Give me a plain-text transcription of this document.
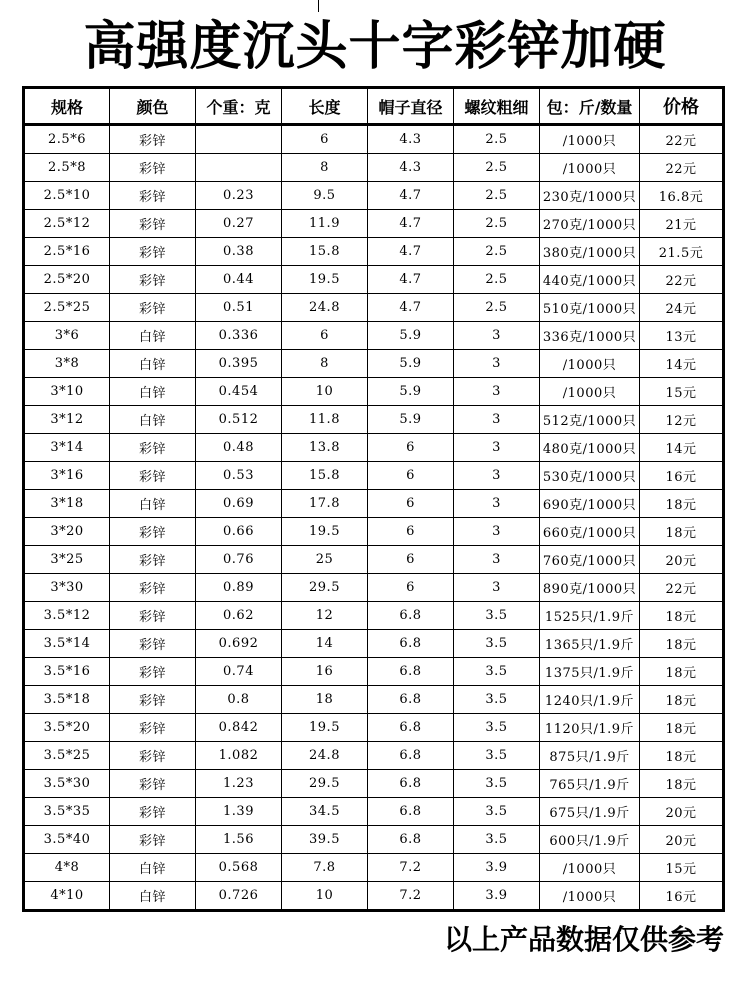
高强度沉头十字彩锌加硬
规格	颜色	个重：克	长度	帽子直径	螺纹粗细	包：斤/数量	价格
2.5*6	彩锌		6	4.3	2.5	/1000只	22元
2.5*8	彩锌		8	4.3	2.5	/1000只	22元
2.5*10	彩锌	0.23	9.5	4.7	2.5	230克/1000只	16.8元
2.5*12	彩锌	0.27	11.9	4.7	2.5	270克/1000只	21元
2.5*16	彩锌	0.38	15.8	4.7	2.5	380克/1000只	21.5元
2.5*20	彩锌	0.44	19.5	4.7	2.5	440克/1000只	22元
2.5*25	彩锌	0.51	24.8	4.7	2.5	510克/1000只	24元
3*6	白锌	0.336	6	5.9	3	336克/1000只	13元
3*8	白锌	0.395	8	5.9	3	/1000只	14元
3*10	白锌	0.454	10	5.9	3	/1000只	15元
3*12	白锌	0.512	11.8	5.9	3	512克/1000只	12元
3*14	彩锌	0.48	13.8	6	3	480克/1000只	14元
3*16	彩锌	0.53	15.8	6	3	530克/1000只	16元
3*18	白锌	0.69	17.8	6	3	690克/1000只	18元
3*20	彩锌	0.66	19.5	6	3	660克/1000只	18元
3*25	彩锌	0.76	25	6	3	760克/1000只	20元
3*30	彩锌	0.89	29.5	6	3	890克/1000只	22元
3.5*12	彩锌	0.62	12	6.8	3.5	1525只/1.9斤	18元
3.5*14	彩锌	0.692	14	6.8	3.5	1365只/1.9斤	18元
3.5*16	彩锌	0.74	16	6.8	3.5	1375只/1.9斤	18元
3.5*18	彩锌	0.8	18	6.8	3.5	1240只/1.9斤	18元
3.5*20	彩锌	0.842	19.5	6.8	3.5	1120只/1.9斤	18元
3.5*25	彩锌	1.082	24.8	6.8	3.5	875只/1.9斤	18元
3.5*30	彩锌	1.23	29.5	6.8	3.5	765只/1.9斤	18元
3.5*35	彩锌	1.39	34.5	6.8	3.5	675只/1.9斤	20元
3.5*40	彩锌	1.56	39.5	6.8	3.5	600只/1.9斤	20元
4*8	白锌	0.568	7.8	7.2	3.9	/1000只	15元
4*10	白锌	0.726	10	7.2	3.9	/1000只	16元
以上产品数据仅供参考
